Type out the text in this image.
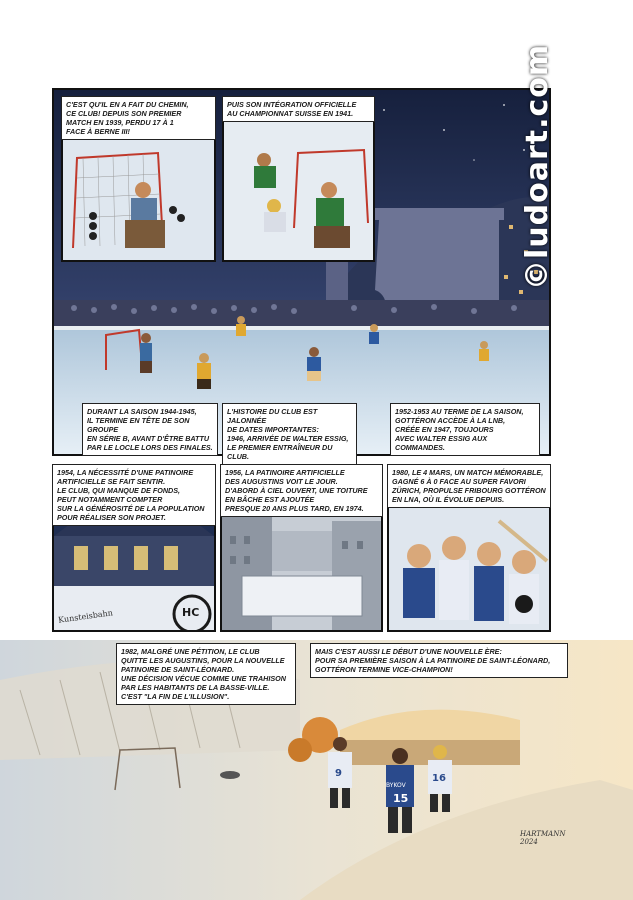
C'EST QU'IL EN A FAIT DU CHEMIN,
CE CLUB! DEPUIS SON PREMIER
MATCH EN 1939, PERDU 17 À 1
FACE À BERNE III!
PUIS SON INTÉGRATION OFFICIELLE
AU CHAMPIONNAT SUISSE EN 1941.	©ludoart.com
DURANT LA SAISON 1944-1945,
IL TERMINE EN TÊTE DE SON GROUPE
EN SÉRIE B, AVANT D'ÊTRE BATTU
PAR LE LOCLE LORS DES FINALES.
L'HISTOIRE DU CLUB EST JALONNÉE
DE DATES IMPORTANTES:
1946, ARRIVÉE DE WALTER ESSIG,
LE PREMIER ENTRAÎNEUR DU CLUB.
1952-1953 AU TERME DE LA SAISON,
GOTTÉRON ACCÈDE À LA LNB,
CRÉÉE EN 1947, TOUJOURS
AVEC WALTER ESSIG AUX COMMANDES.
Kunsteisbahn	HC
1954, LA NÉCESSITÉ D'UNE PATINOIRE
ARTIFICIELLE SE FAIT SENTIR.
LE CLUB, QUI MANQUE DE FONDS,
PEUT NOTAMMENT COMPTER
SUR LA GÉNÉROSITÉ DE LA POPULATION
POUR RÉALISER SON PROJET.
1956, LA PATINOIRE ARTIFICIELLE
DES AUGUSTINS VOIT LE JOUR.
D'ABORD À CIEL OUVERT, UNE TOITURE
EN BÂCHE EST AJOUTÉE
PRESQUE 20 ANS PLUS TARD, EN 1974.
1980, LE 4 MARS, UN MATCH MÉMORABLE,
GAGNÉ 6 À 0 FACE AU SUPER FAVORI
ZÜRICH, PROPULSE FRIBOURG GOTTÉRON
EN LNA, OÙ IL ÉVOLUE DEPUIS.
9
BYKOV
15
16
1982, MALGRÉ UNE PÉTITION, LE CLUB
QUITTE LES AUGUSTINS, POUR LA NOUVELLE
PATINOIRE DE SAINT-LÉONARD.
UNE DÉCISION VÉCUE COMME UNE TRAHISON
PAR LES HABITANTS DE LA BASSE-VILLE.
C'EST "LA FIN DE L'ILLUSION".
MAIS C'EST AUSSI LE DÉBUT D'UNE NOUVELLE ÈRE:
POUR SA PREMIÈRE SAISON À LA PATINOIRE DE SAINT-LÉONARD,
GOTTÉRON TERMINE VICE-CHAMPION!
HARTMANN
2024
